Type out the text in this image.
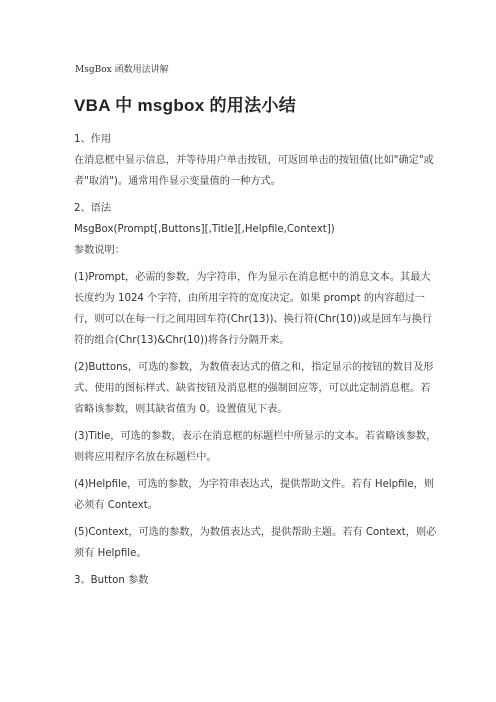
MsgBox 函数用法讲解
VBA 中 msgbox 的用法小结

1、作用

在消息框中显示信息，并等待用户单击按钮，可返回单击的按钮值(比如"确定"或者"取消")。通常用作显示变量值的一种方式。

2、语法

MsgBox(Prompt[,Buttons][,Title][,Helpfile,Context])

参数说明：

(1)Prompt，必需的参数，为字符串，作为显示在消息框中的消息文本。其最大长度约为 1024 个字符，由所用字符的宽度决定。如果 prompt 的内容超过一行，则可以在每一行之间用回车符(Chr(13))、换行符(Chr(10))或是回车与换行符的组合(Chr(13)&Chr(10))将各行分隔开来。

(2)Buttons，可选的参数，为数值表达式的值之和，指定显示的按钮的数目及形式、使用的图标样式、缺省按钮及消息框的强制回应等，可以此定制消息框。若省略该参数，则其缺省值为 0。设置值见下表。

(3)Title，可选的参数，表示在消息框的标题栏中所显示的文本。若省略该参数，则将应用程序名放在标题栏中。

(4)Helpfile，可选的参数，为字符串表达式，提供帮助文件。若有 Helpfile，则必须有 Context。

(5)Context，可选的参数，为数值表达式，提供帮助主题。若有 Context，则必须有 Helpfile。

3、Button 参数
